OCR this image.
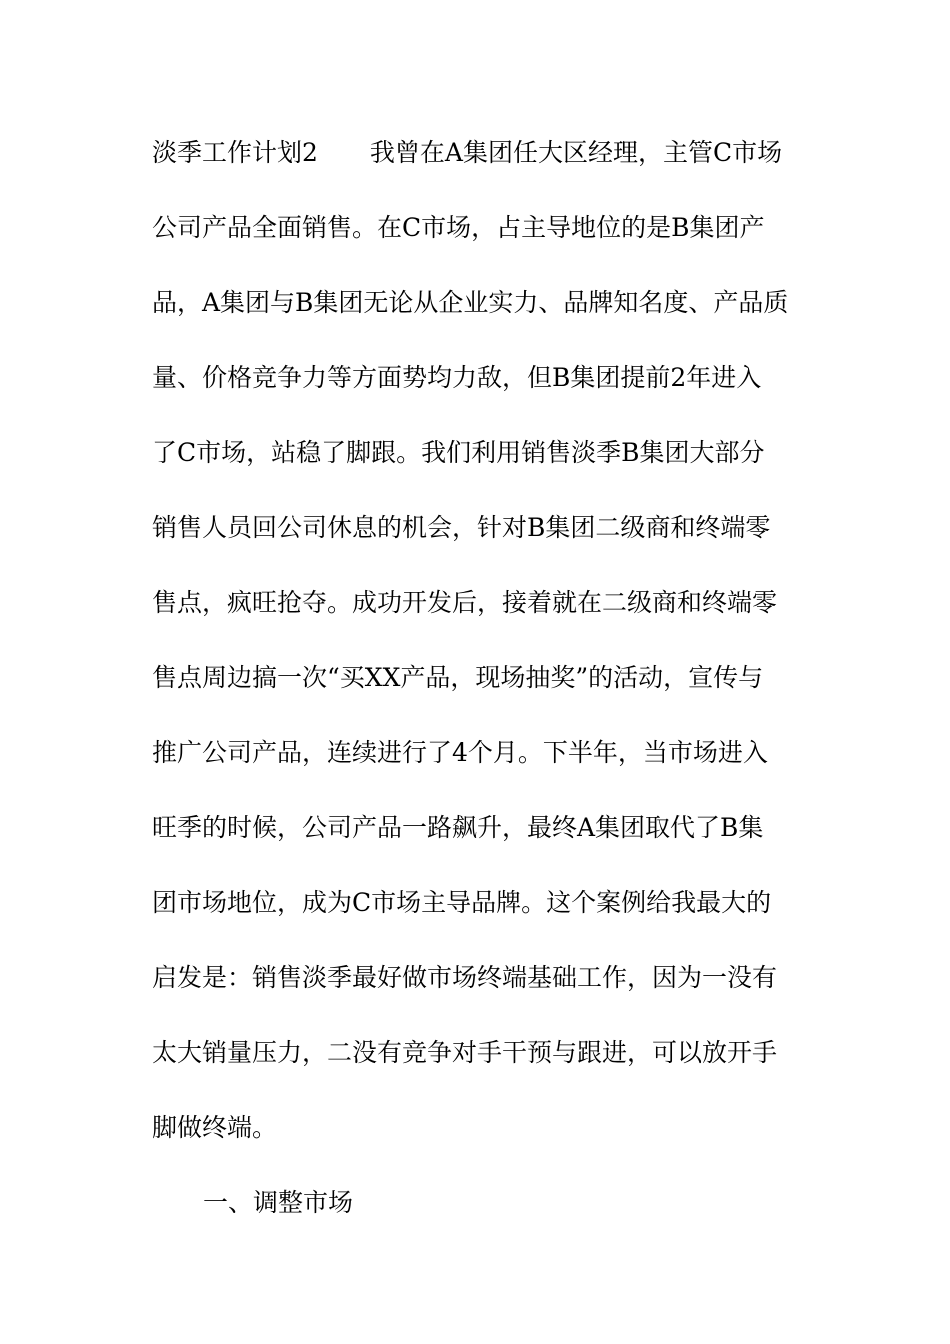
淡季工作计划2 我曾在A集团任大区经理，主管C市场
公司产品全面销售。在C市场，占主导地位的是B集团产
品，A集团与B集团无论从企业实力、品牌知名度、产品质
量、价格竞争力等方面势均力敌，但B集团提前2年进入
了C市场，站稳了脚跟。我们利用销售淡季B集团大部分
销售人员回公司休息的机会，针对B集团二级商和终端零
售点，疯旺抢夺。成功开发后，接着就在二级商和终端零
售点周边搞一次“买XX产品，现场抽奖”的活动，宣传与
推广公司产品，连续进行了4个月。下半年，当市场进入
旺季的时候，公司产品一路飙升，最终A集团取代了B集
团市场地位，成为C市场主导品牌。这个案例给我最大的
启发是：销售淡季最好做市场终端基础工作，因为一没有
太大销量压力，二没有竞争对手干预与跟进，可以放开手
脚做终端。
一、调整市场
